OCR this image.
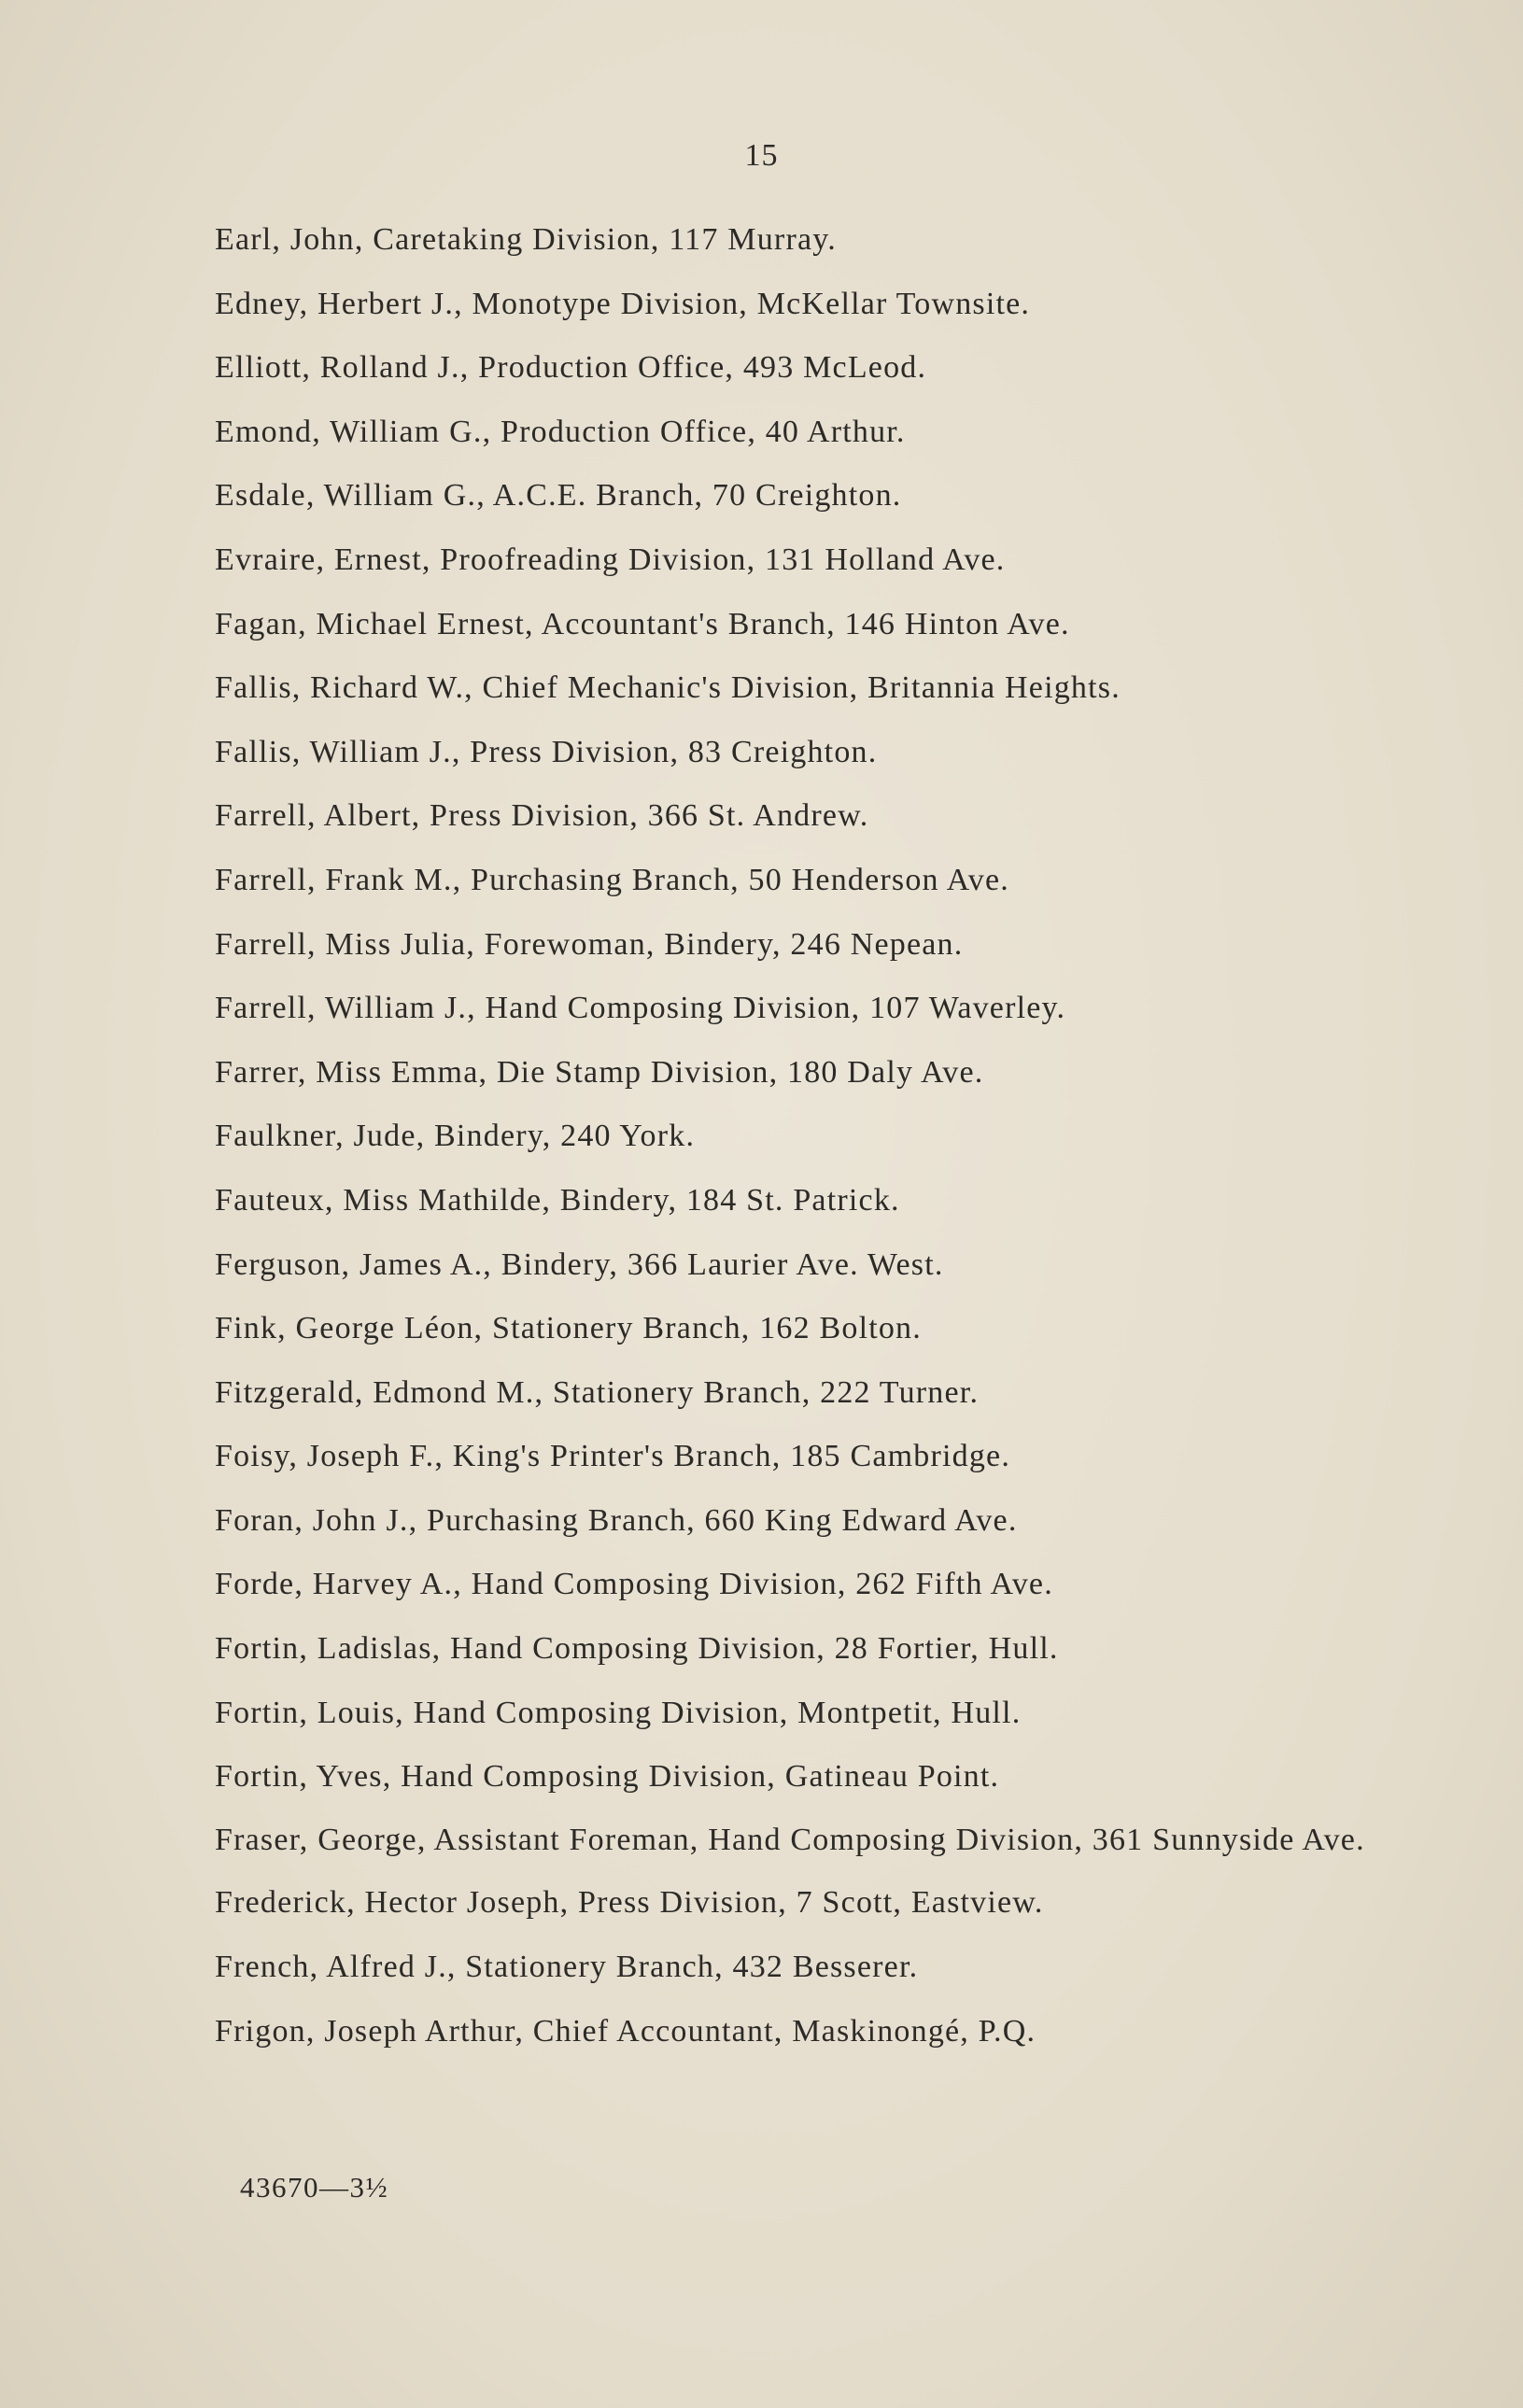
15
Earl, John, Caretaking Division, 117 Murray.
Edney, Herbert J., Monotype Division, McKellar Townsite.
Elliott, Rolland J., Production Office, 493 McLeod.
Emond, William G., Production Office, 40 Arthur.
Esdale, William G., A.C.E. Branch, 70 Creighton.
Evraire, Ernest, Proofreading Division, 131 Holland Ave.
Fagan, Michael Ernest, Accountant's Branch, 146 Hinton Ave.
Fallis, Richard W., Chief Mechanic's Division, Britannia Heights.
Fallis, William J., Press Division, 83 Creighton.
Farrell, Albert, Press Division, 366 St. Andrew.
Farrell, Frank M., Purchasing Branch, 50 Henderson Ave.
Farrell, Miss Julia, Forewoman, Bindery, 246 Nepean.
Farrell, William J., Hand Composing Division, 107 Waverley.
Farrer, Miss Emma, Die Stamp Division, 180 Daly Ave.
Faulkner, Jude, Bindery, 240 York.
Fauteux, Miss Mathilde, Bindery, 184 St. Patrick.
Ferguson, James A., Bindery, 366 Laurier Ave. West.
Fink, George Léon, Stationery Branch, 162 Bolton.
Fitzgerald, Edmond M., Stationery Branch, 222 Turner.
Foisy, Joseph F., King's Printer's Branch, 185 Cambridge.
Foran, John J., Purchasing Branch, 660 King Edward Ave.
Forde, Harvey A., Hand Composing Division, 262 Fifth Ave.
Fortin, Ladislas, Hand Composing Division, 28 Fortier, Hull.
Fortin, Louis, Hand Composing Division, Montpetit, Hull.
Fortin, Yves, Hand Composing Division, Gatineau Point.
Fraser, George, Assistant Foreman, Hand Composing Division, 361 Sunnyside Ave.
Frederick, Hector Joseph, Press Division, 7 Scott, Eastview.
French, Alfred J., Stationery Branch, 432 Besserer.
Frigon, Joseph Arthur, Chief Accountant, Maskinongé, P.Q.
43670—3½
